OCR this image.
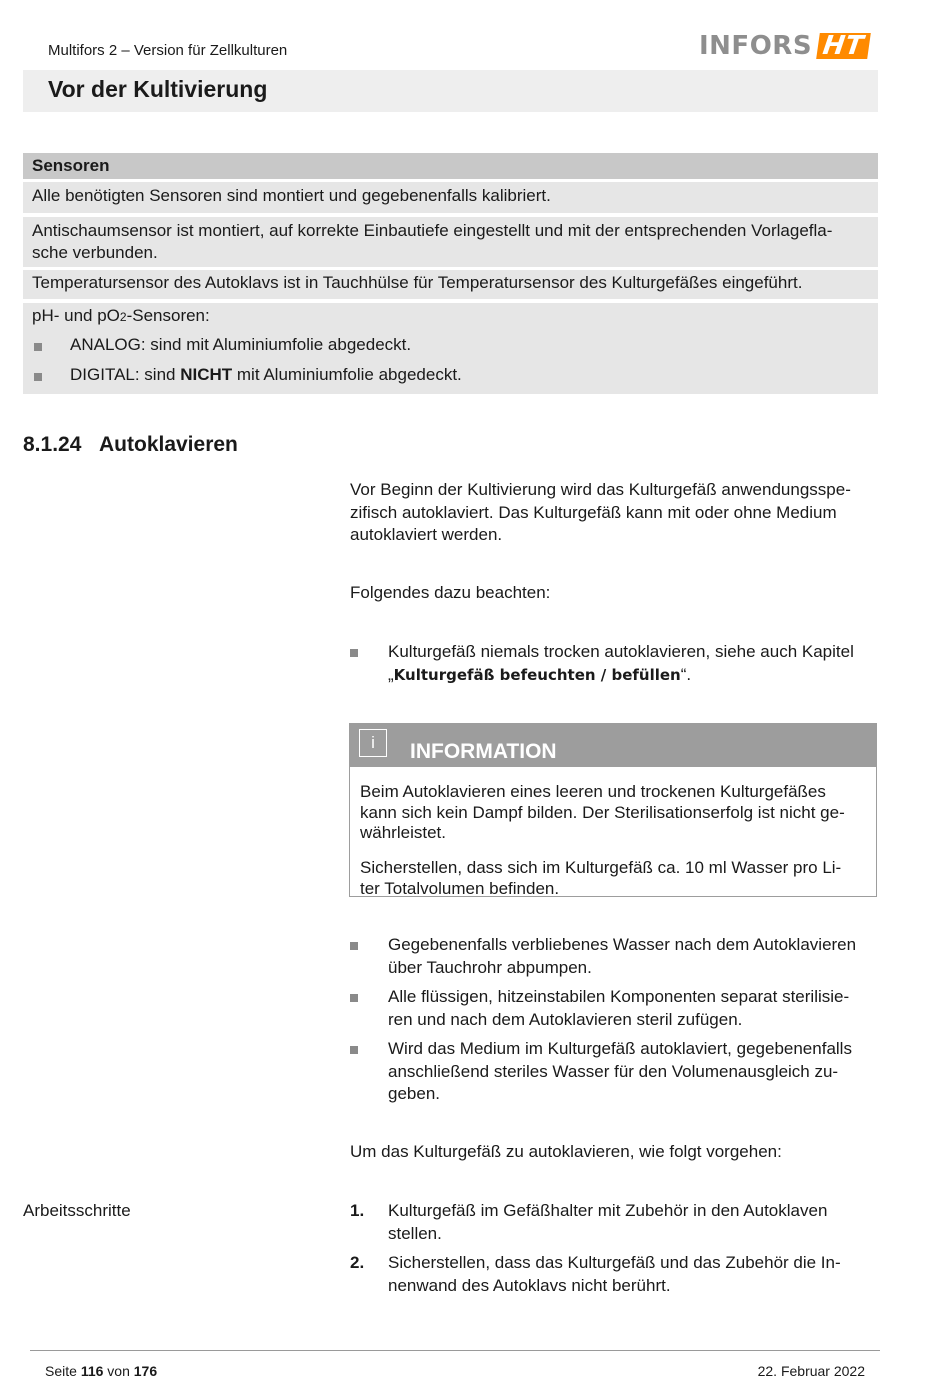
Multifors 2 – Version für Zellkulturen	INFORS HT
Vor der Kultivierung
Sensoren
Alle benötigten Sensoren sind montiert und gegebenenfalls kalibriert.
Antischaumsensor ist montiert, auf korrekte Einbautiefe eingestellt und mit der entsprechenden Vorlagefla-
sche verbunden.
Temperatursensor des Autoklavs ist in Tauchhülse für Temperatursensor des Kulturgefäßes eingeführt.
pH- und pO2-Sensoren:
ANALOG: sind mit Aluminiumfolie abgedeckt.
DIGITAL: sind NICHT mit Aluminiumfolie abgedeckt.
8.1.24 Autoklavieren
Vor Beginn der Kultivierung wird das Kulturgefäß anwendungsspe-
zifisch autoklaviert. Das Kulturgefäß kann mit oder ohne Medium
autoklaviert werden.
Folgendes dazu beachten:
Kulturgefäß niemals trocken autoklavieren, siehe auch Kapitel
„Kulturgefäß befeuchten / befüllen“.
i	INFORMATION
Beim Autoklavieren eines leeren und trockenen Kulturgefäßes
kann sich kein Dampf bilden. Der Sterilisationserfolg ist nicht ge-
währleistet.
Sicherstellen, dass sich im Kulturgefäß ca. 10 ml Wasser pro Li-
ter Totalvolumen befinden.
Gegebenenfalls verbliebenes Wasser nach dem Autoklavieren
über Tauchrohr abpumpen.
Alle flüssigen, hitzeinstabilen Komponenten separat sterilisie-
ren und nach dem Autoklavieren steril zufügen.
Wird das Medium im Kulturgefäß autoklaviert, gegebenenfalls
anschließend steriles Wasser für den Volumenausgleich zu-
geben.
Um das Kulturgefäß zu autoklavieren, wie folgt vorgehen:
Arbeitsschritte	1. Kulturgefäß im Gefäßhalter mit Zubehör in den Autoklaven
stellen.
2. Sicherstellen, dass das Kulturgefäß und das Zubehör die In-
nenwand des Autoklavs nicht berührt.
Seite 116 von 176	22. Februar 2022
